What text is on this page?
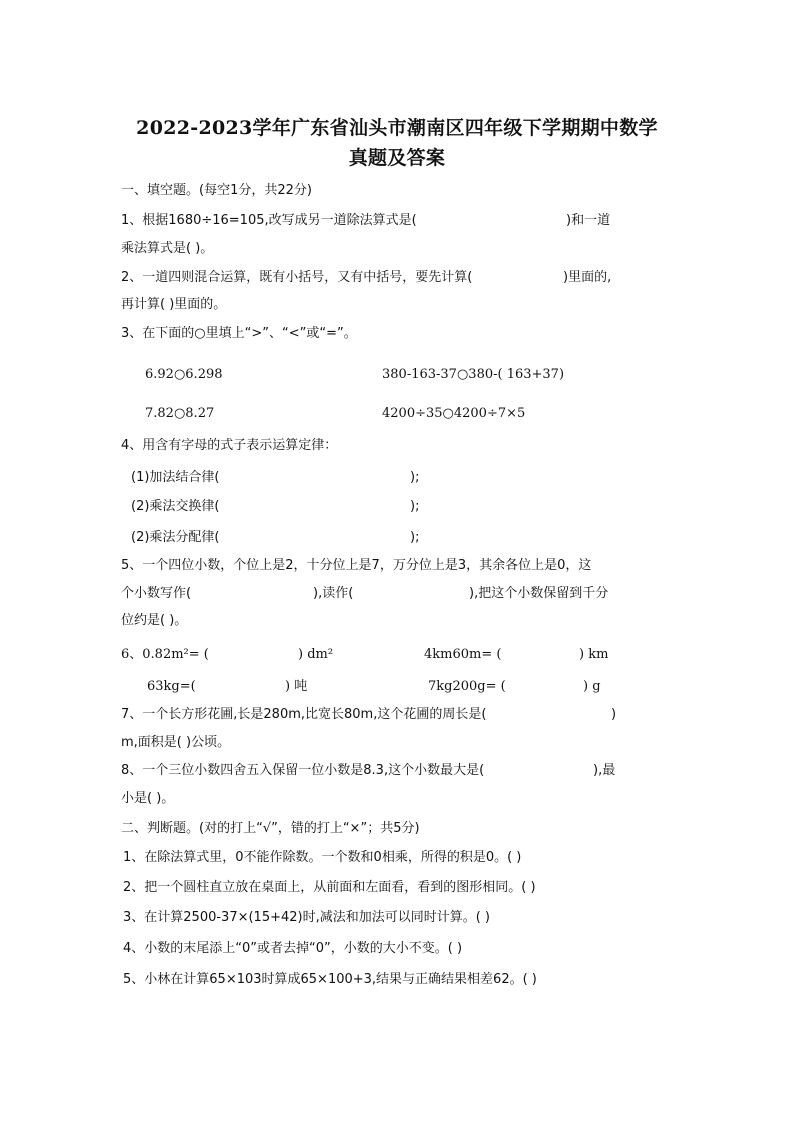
2022-2023学年广东省汕头市潮南区四年级下学期期中数学
真题及答案
一、填空题。(每空1分，共22分)
1、根据1680÷16=105,改写成另一道除法算式是(	)和一道
乘法算式是( )。
2、一道四则混合运算，既有小括号，又有中括号，要先计算(	)里面的,
再计算( )里面的。
3、在下面的○里填上“>”、“<”或“=”。
6.92○6.298	380-163-37○380-( 163+37)
7.82○8.27	4200÷35○4200÷7×5
4、用含有字母的式子表示运算定律：
(1)加法结合律(	);
(2)乘法交换律(	);
(2)乘法分配律(	);
5、一个四位小数，个位上是2，十分位上是7，万分位上是3，其余各位上是0，这
个小数写作(	),读作(	),把这个小数保留到千分
位约是( )。
6、0.82m²= (	) dm²	4km60m= (	) km
63kg=(	) 吨	7kg200g= (	) g
7、一个长方形花圃,长是280m,比宽长80m,这个花圃的周长是(	)
m,面积是( )公顷。
8、一个三位小数四舍五入保留一位小数是8.3,这个小数最大是(	),最
小是( )。
二、判断题。(对的打上“√”，错的打上“×”；共5分)
1、在除法算式里，0不能作除数。一个数和0相乘，所得的积是0。( )
2、把一个圆柱直立放在桌面上，从前面和左面看，看到的图形相同。( )
3、在计算2500-37×(15+42)时,减法和加法可以同时计算。( )
4、小数的末尾添上“0”或者去掉“0”，小数的大小不变。( )
5、小林在计算65×103时算成65×100+3,结果与正确结果相差62。( )
